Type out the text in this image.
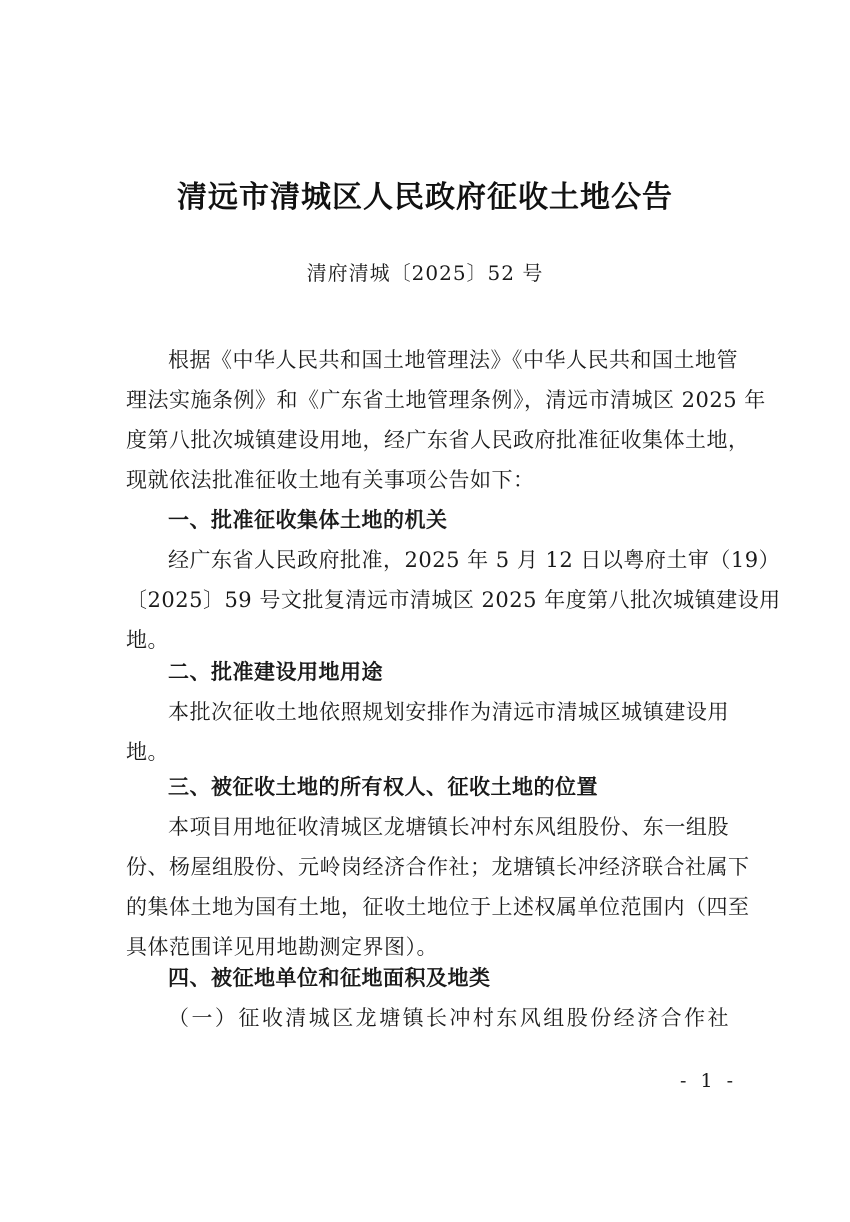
清远市清城区人民政府征收土地公告
清府清城〔2025〕52 号
根据《中华人民共和国土地管理法》《中华人民共和国土地管
理法实施条例》和《广东省土地管理条例》，清远市清城区 2025 年
度第八批次城镇建设用地，经广东省人民政府批准征收集体土地，
现就依法批准征收土地有关事项公告如下：
一、批准征收集体土地的机关
经广东省人民政府批准，2025 年 5 月 12 日以粤府土审（19）
〔2025〕59 号文批复清远市清城区 2025 年度第八批次城镇建设用
地。
二、批准建设用地用途
本批次征收土地依照规划安排作为清远市清城区城镇建设用
地。
三、被征收土地的所有权人、征收土地的位置
本项目用地征收清城区龙塘镇长冲村东风组股份、东一组股
份、杨屋组股份、元岭岗经济合作社；龙塘镇长冲经济联合社属下
的集体土地为国有土地，征收土地位于上述权属单位范围内（四至
具体范围详见用地勘测定界图）。
四、被征地单位和征地面积及地类
（一）征收清城区龙塘镇长冲村东风组股份经济合作社
- 1 -
